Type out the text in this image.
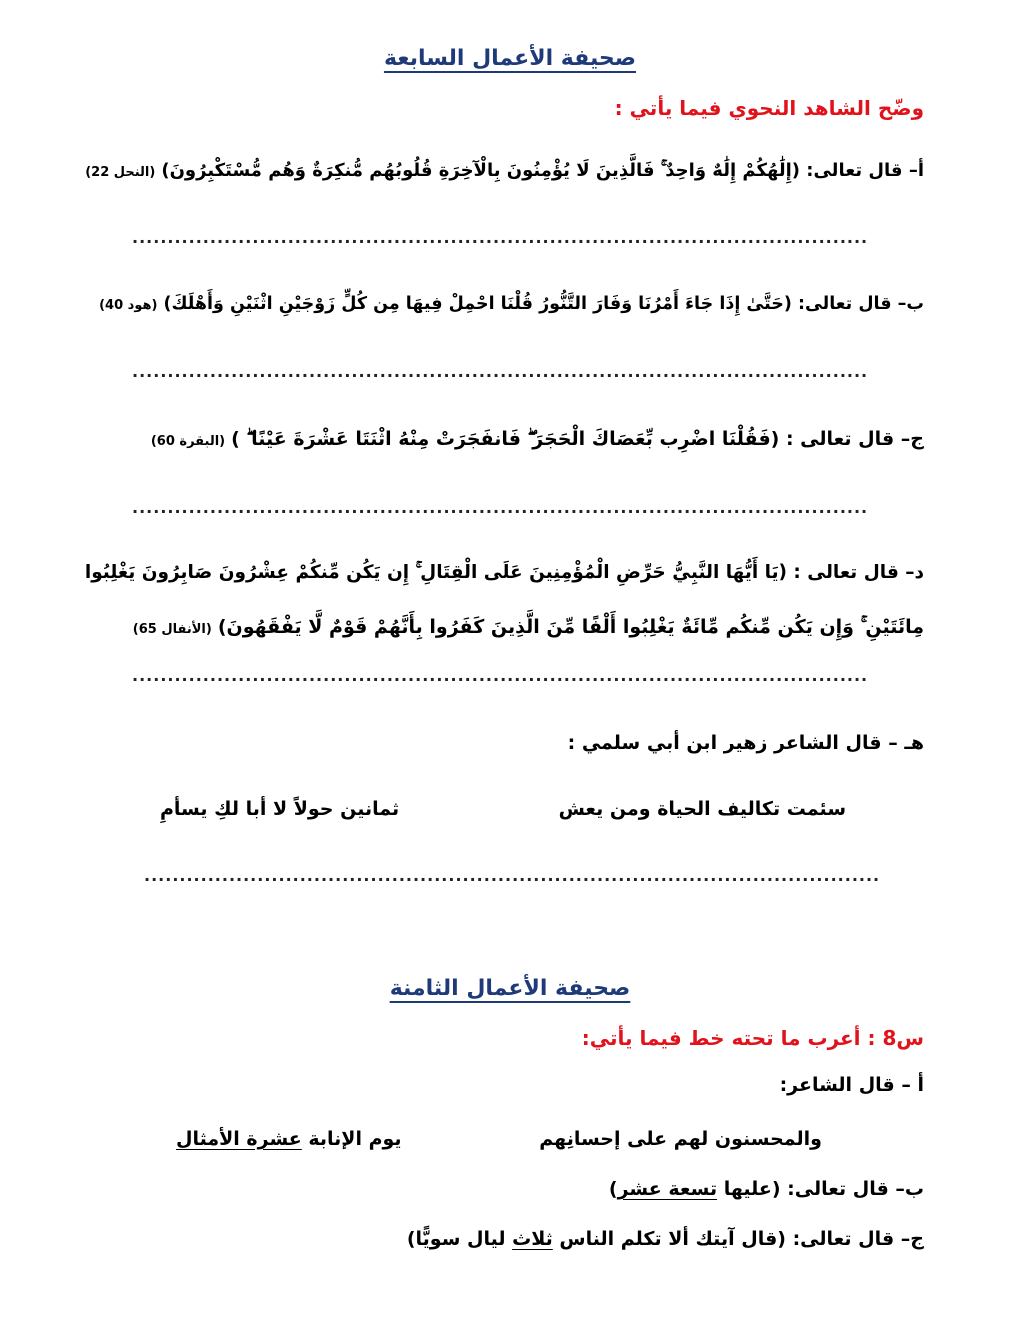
صحيفة الأعمال السابعة
وضّح الشاهد النحوي فيما يأتي :
أ– قال تعالى: (إِلَٰهُكُمْ إِلَٰهٌ وَاحِدٌ ۚ فَالَّذِينَ لَا يُؤْمِنُونَ بِالْآخِرَةِ قُلُوبُهُم مُّنكِرَةٌ وَهُم مُّسْتَكْبِرُونَ)(النحل 22)
........................................................................................................
ب– قال تعالى: (حَتَّىٰ إِذَا جَاءَ أَمْرُنَا وَفَارَ التَّنُّورُ قُلْنَا احْمِلْ فِيهَا مِن كُلٍّ زَوْجَيْنِ اثْنَيْنِ وَأَهْلَكَ)(هود 40)
........................................................................................................
ج– قال تعالى : (فَقُلْنَا اضْرِب بِّعَصَاكَ الْحَجَرَ ۖ فَانفَجَرَتْ مِنْهُ اثْنَتَا عَشْرَةَ عَيْنًا ۖ )(البقرة 60)
........................................................................................................
د– قال تعالى : (يَا أَيُّهَا النَّبِيُّ حَرِّضِ الْمُؤْمِنِينَ عَلَى الْقِتَالِ ۚ إِن يَكُن مِّنكُمْ عِشْرُونَ صَابِرُونَ يَغْلِبُوا
مِائَتَيْنِ ۚ وَإِن يَكُن مِّنكُم مِّائَةٌ يَغْلِبُوا أَلْفًا مِّنَ الَّذِينَ كَفَرُوا بِأَنَّهُمْ قَوْمٌ لَّا يَفْقَهُونَ)(الأنفال 65)
........................................................................................................
هـ – قال الشاعر زهير ابن أبي سلمي :
سئمت تكاليف الحياة ومن يعش
ثمانين حولاً لا أبا لكِ يسأمِ
........................................................................................................
صحيفة الأعمال الثامنة
س8 : أعرب ما تحته خط فيما يأتي:
أ – قال الشاعر:
والمحسنون لهم على إحسانِهم
يوم الإنابة عشرة الأمثال
ب– قال تعالى: (عليها تسعة عشر)
ج– قال تعالى: (قال آيتك ألا تكلم الناس ثلاث ليال سويًّا)
